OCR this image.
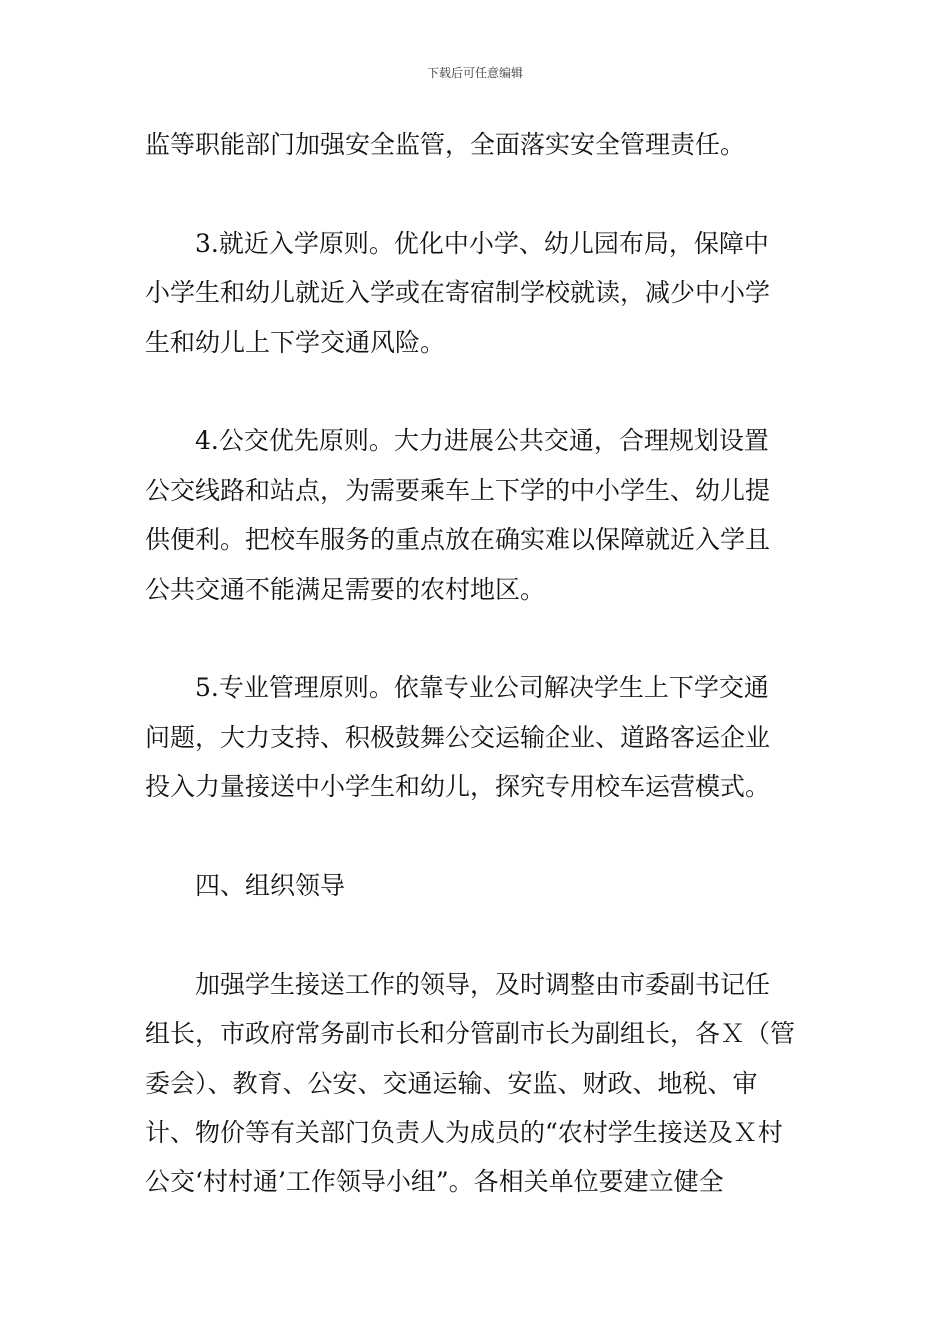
下载后可任意编辑

监等职能部门加强安全监管，全面落实安全管理责任。

　　3.就近入学原则。优化中小学、幼儿园布局，保障中
小学生和幼儿就近入学或在寄宿制学校就读，减少中小学
生和幼儿上下学交通风险。

　　4.公交优先原则。大力进展公共交通，合理规划设置
公交线路和站点，为需要乘车上下学的中小学生、幼儿提
供便利。把校车服务的重点放在确实难以保障就近入学且
公共交通不能满足需要的农村地区。

　　5.专业管理原则。依靠专业公司解决学生上下学交通
问题，大力支持、积极鼓舞公交运输企业、道路客运企业
投入力量接送中小学生和幼儿，探究专用校车运营模式。

　　四、组织领导

　　加强学生接送工作的领导，及时调整由市委副书记任
组长，市政府常务副市长和分管副市长为副组长，各Ｘ（管
委会）、教育、公安、交通运输、安监、财政、地税、审
计、物价等有关部门负责人为成员的“农村学生接送及Ｘ村
公交‘村村通’工作领导小组”。各相关单位要建立健全
